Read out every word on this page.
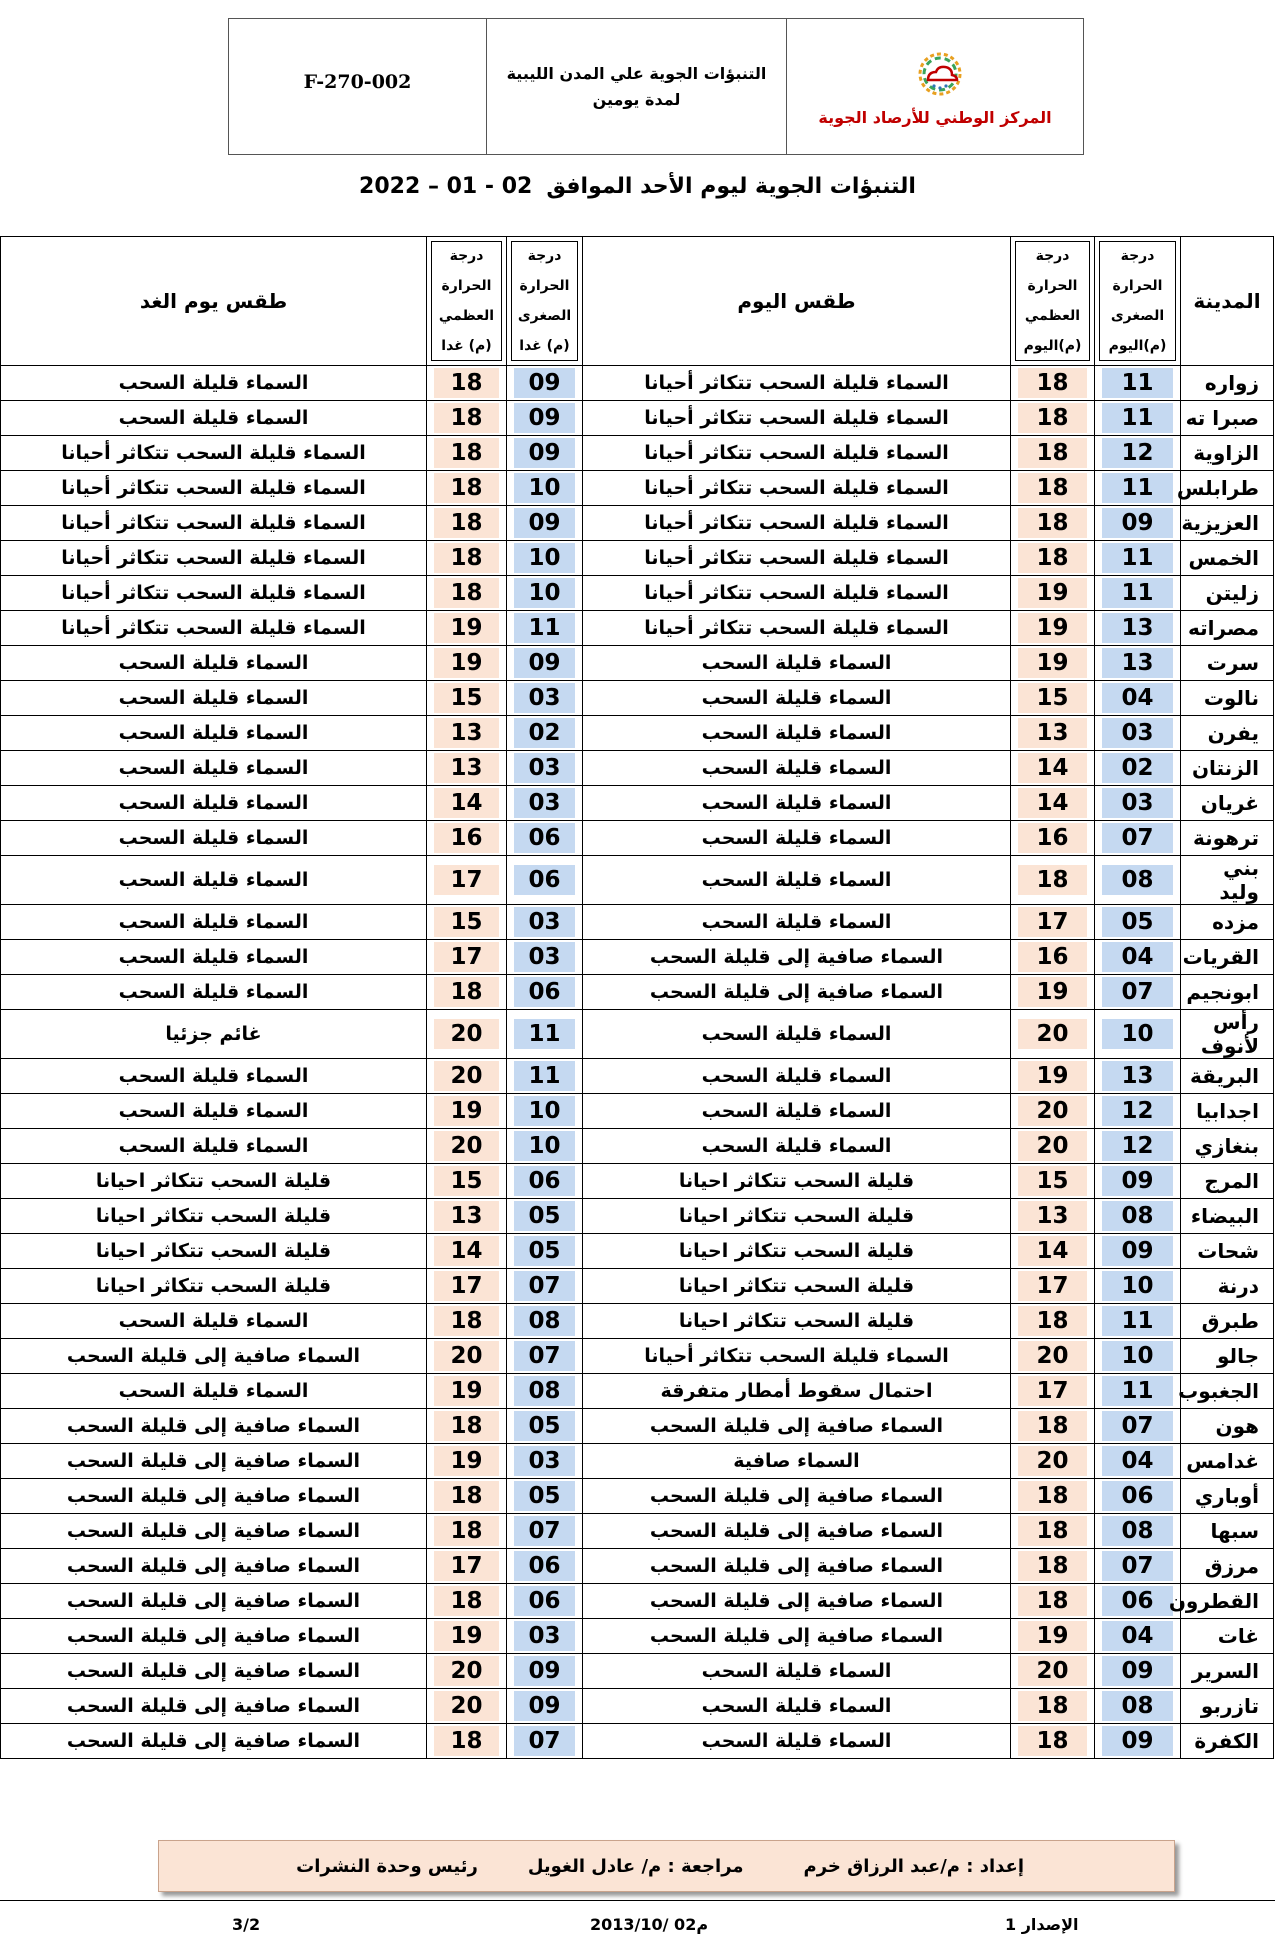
F-270-002	التنبؤات الجوية علي المدن الليبية
لمدة يومين
المركز الوطني للأرصاد الجوية
التنبؤات الجوية ليوم الأحد الموافق02 - 01 – 2022
المدينة	درجة
الحرارة
الصغرى
(م)اليوم	درجة
الحرارة
العظمي
(م)اليوم	طقس اليوم	درجة
الحرارة
الصغرى
(م) غدا	درجة
الحرارة
العظمي
(م) غدا	طقس يوم الغد
زواره	11	18	السماء قليلة السحب تتكاثر أحيانا	09	18	السماء قليلة السحب
صبرا ته	11	18	السماء قليلة السحب تتكاثر أحيانا	09	18	السماء قليلة السحب
الزاوية	12	18	السماء قليلة السحب تتكاثر أحيانا	09	18	السماء قليلة السحب تتكاثر أحيانا
طرابلس	11	18	السماء قليلة السحب تتكاثر أحيانا	10	18	السماء قليلة السحب تتكاثر أحيانا
العزيزية	09	18	السماء قليلة السحب تتكاثر أحيانا	09	18	السماء قليلة السحب تتكاثر أحيانا
الخمس	11	18	السماء قليلة السحب تتكاثر أحيانا	10	18	السماء قليلة السحب تتكاثر أحيانا
زليتن	11	19	السماء قليلة السحب تتكاثر أحيانا	10	18	السماء قليلة السحب تتكاثر أحيانا
مصراته	13	19	السماء قليلة السحب تتكاثر أحيانا	11	19	السماء قليلة السحب تتكاثر أحيانا
سرت	13	19	السماء قليلة السحب	09	19	السماء قليلة السحب
نالوت	04	15	السماء قليلة السحب	03	15	السماء قليلة السحب
يفرن	03	13	السماء قليلة السحب	02	13	السماء قليلة السحب
الزنتان	02	14	السماء قليلة السحب	03	13	السماء قليلة السحب
غريان	03	14	السماء قليلة السحب	03	14	السماء قليلة السحب
ترهونة	07	16	السماء قليلة السحب	06	16	السماء قليلة السحب
بني وليد	08	18	السماء قليلة السحب	06	17	السماء قليلة السحب
مزده	05	17	السماء قليلة السحب	03	15	السماء قليلة السحب
القريات	04	16	السماء صافية إلى قليلة السحب	03	17	السماء قليلة السحب
ابونجيم	07	19	السماء صافية إلى قليلة السحب	06	18	السماء قليلة السحب
رأس لأنوف	10	20	السماء قليلة السحب	11	20	غائم جزئيا
البريقة	13	19	السماء قليلة السحب	11	20	السماء قليلة السحب
اجدابيا	12	20	السماء قليلة السحب	10	19	السماء قليلة السحب
بنغازي	12	20	السماء قليلة السحب	10	20	السماء قليلة السحب
المرج	09	15	قليلة السحب تتكاثر احيانا	06	15	قليلة السحب تتكاثر احيانا
البيضاء	08	13	قليلة السحب تتكاثر احيانا	05	13	قليلة السحب تتكاثر احيانا
شحات	09	14	قليلة السحب تتكاثر احيانا	05	14	قليلة السحب تتكاثر احيانا
درنة	10	17	قليلة السحب تتكاثر احيانا	07	17	قليلة السحب تتكاثر احيانا
طبرق	11	18	قليلة السحب تتكاثر احيانا	08	18	السماء قليلة السحب
جالو	10	20	السماء قليلة السحب تتكاثر أحيانا	07	20	السماء صافية إلى قليلة السحب
الجغبوب	11	17	احتمال سقوط أمطار متفرقة	08	19	السماء قليلة السحب
هون	07	18	السماء صافية إلى قليلة السحب	05	18	السماء صافية إلى قليلة السحب
غدامس	04	20	السماء صافية	03	19	السماء صافية إلى قليلة السحب
أوباري	06	18	السماء صافية إلى قليلة السحب	05	18	السماء صافية إلى قليلة السحب
سبها	08	18	السماء صافية إلى قليلة السحب	07	18	السماء صافية إلى قليلة السحب
مرزق	07	18	السماء صافية إلى قليلة السحب	06	17	السماء صافية إلى قليلة السحب
القطرون	06	18	السماء صافية إلى قليلة السحب	06	18	السماء صافية إلى قليلة السحب
غات	04	19	السماء صافية إلى قليلة السحب	03	19	السماء صافية إلى قليلة السحب
السرير	09	20	السماء قليلة السحب	09	20	السماء صافية إلى قليلة السحب
تازربو	08	18	السماء قليلة السحب	09	20	السماء صافية إلى قليلة السحب
الكفرة	09	18	السماء قليلة السحب	07	18	السماء صافية إلى قليلة السحب
إعداد : م/عبد الرزاق خرم
مراجعة : م/ عادل الغويل
رئيس وحدة النشرات
3/2	2013/10/ 02م	الإصدار 1
